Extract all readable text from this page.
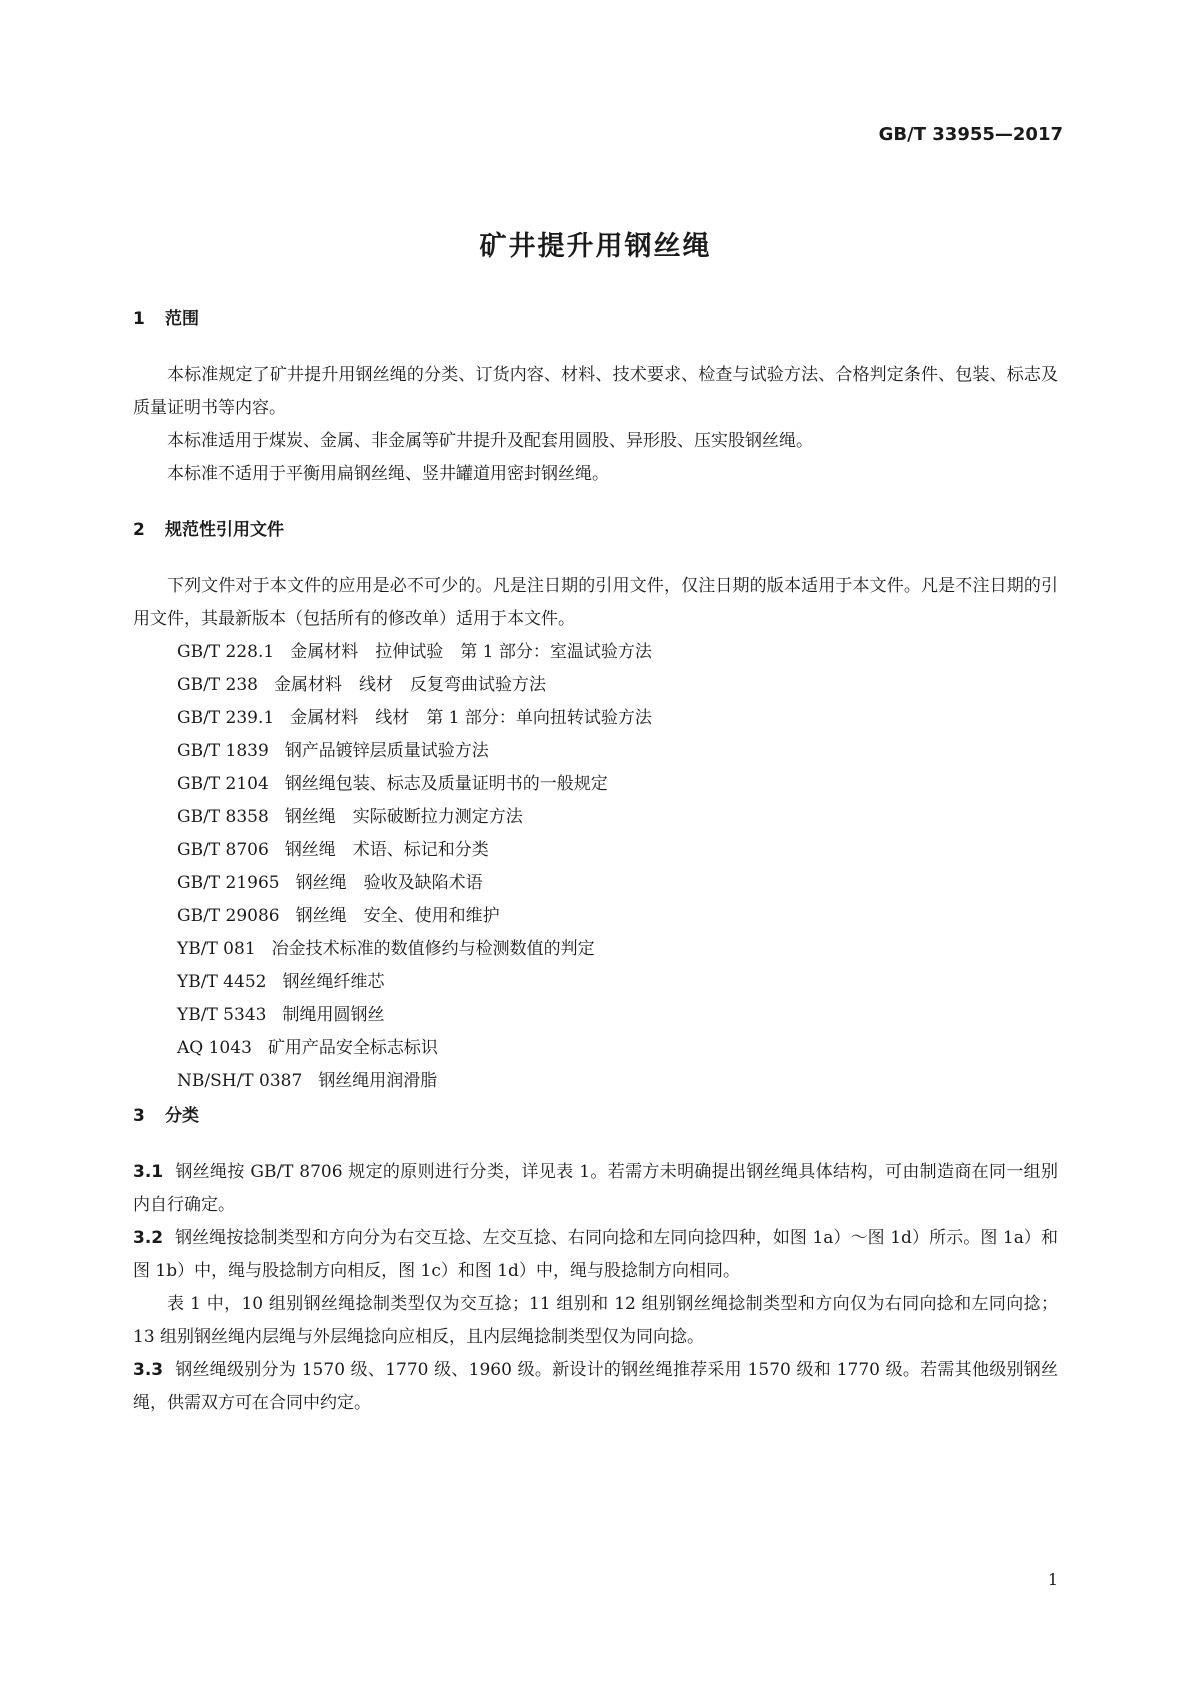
GB/T 33955—2017

矿井提升用钢丝绳
1 范围

本标准规定了矿井提升用钢丝绳的分类、订货内容、材料、技术要求、检查与试验方法、合格判定条件、包装、标志及质量证明书等内容。

本标准适用于煤炭、金属、非金属等矿井提升及配套用圆股、异形股、压实股钢丝绳。

本标准不适用于平衡用扁钢丝绳、竖井罐道用密封钢丝绳。

2 规范性引用文件

下列文件对于本文件的应用是必不可少的。凡是注日期的引用文件，仅注日期的版本适用于本文件。凡是不注日期的引用文件，其最新版本（包括所有的修改单）适用于本文件。

GB/T 228.1 金属材料　拉伸试验　第 1 部分：室温试验方法
GB/T 238 金属材料　线材　反复弯曲试验方法
GB/T 239.1 金属材料　线材　第 1 部分：单向扭转试验方法
GB/T 1839 钢产品镀锌层质量试验方法
GB/T 2104 钢丝绳包装、标志及质量证明书的一般规定
GB/T 8358 钢丝绳　实际破断拉力测定方法
GB/T 8706 钢丝绳　术语、标记和分类
GB/T 21965 钢丝绳　验收及缺陷术语
GB/T 29086 钢丝绳　安全、使用和维护
YB/T 081 冶金技术标准的数值修约与检测数值的判定
YB/T 4452 钢丝绳纤维芯
YB/T 5343 制绳用圆钢丝
AQ 1043 矿用产品安全标志标识
NB/SH/T 0387 钢丝绳用润滑脂
3 分类

3.1 钢丝绳按 GB/T 8706 规定的原则进行分类，详见表 1。若需方未明确提出钢丝绳具体结构，可由制造商在同一组别内自行确定。

3.2 钢丝绳按捻制类型和方向分为右交互捻、左交互捻、右同向捻和左同向捻四种，如图 1a）～图 1d）所示。图 1a）和图 1b）中，绳与股捻制方向相反，图 1c）和图 1d）中，绳与股捻制方向相同。

表 1 中，10 组别钢丝绳捻制类型仅为交互捻；11 组别和 12 组别钢丝绳捻制类型和方向仅为右同向捻和左同向捻；13 组别钢丝绳内层绳与外层绳捻向应相反，且内层绳捻制类型仅为同向捻。

3.3 钢丝绳级别分为 1570 级、1770 级、1960 级。新设计的钢丝绳推荐采用 1570 级和 1770 级。若需其他级别钢丝绳，供需双方可在合同中约定。

1
